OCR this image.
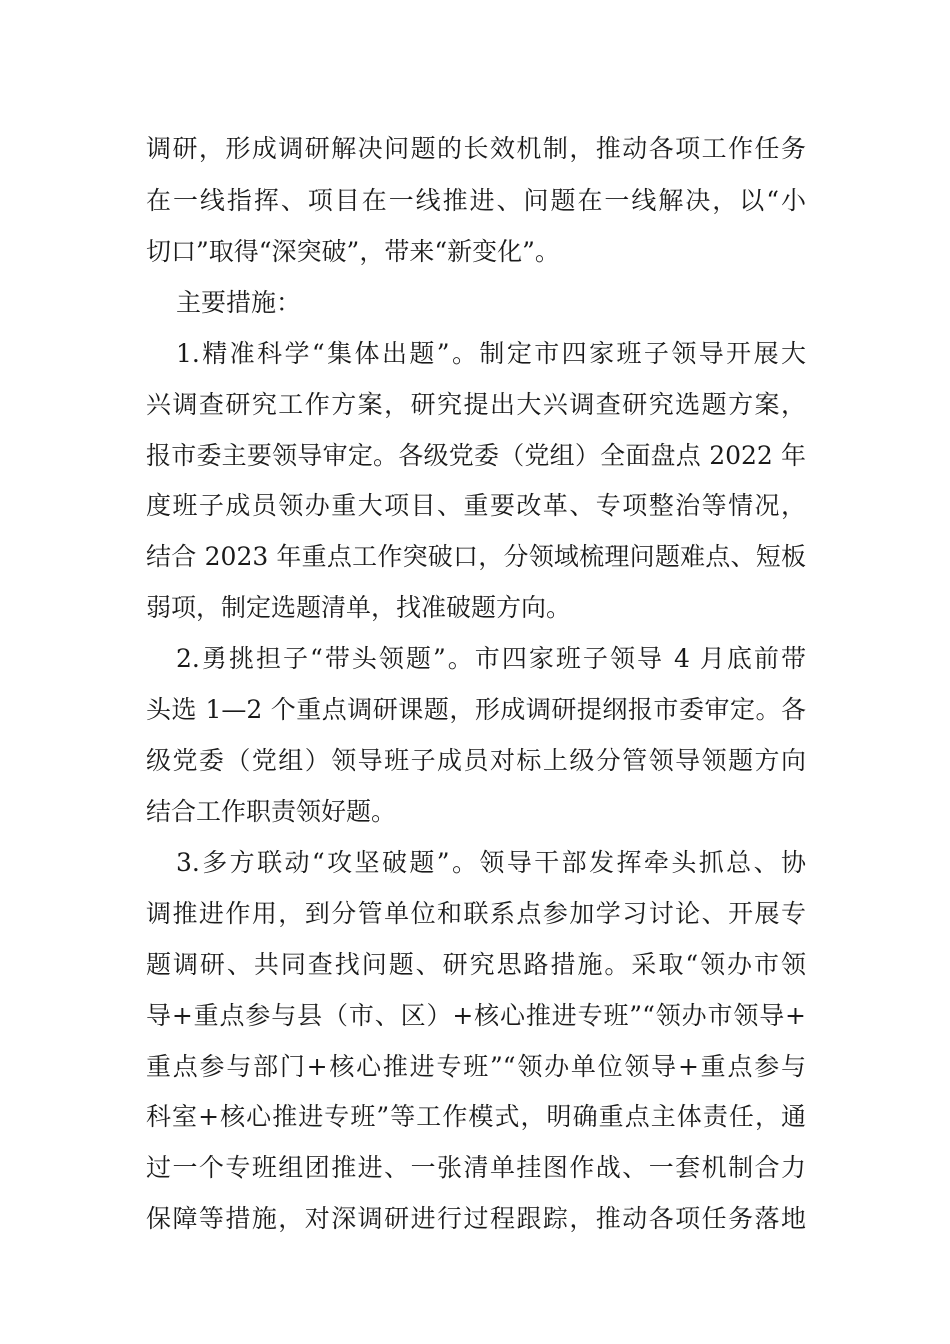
调研，形成调研解决问题的长效机制，推动各项工作任务
在一线指挥、项目在一线推进、问题在一线解决，以“小
切口”取得“深突破”，带来“新变化”。
主要措施：
1.精准科学“集体出题”。制定市四家班子领导开展大
兴调查研究工作方案，研究提出大兴调查研究选题方案，
报市委主要领导审定。各级党委（党组）全面盘点 2022 年
度班子成员领办重大项目、重要改革、专项整治等情况，
结合 2023 年重点工作突破口，分领域梳理问题难点、短板
弱项，制定选题清单，找准破题方向。
2.勇挑担子“带头领题”。市四家班子领导 4 月底前带
头选 1—2 个重点调研课题，形成调研提纲报市委审定。各
级党委（党组）领导班子成员对标上级分管领导领题方向
结合工作职责领好题。
3.多方联动“攻坚破题”。领导干部发挥牵头抓总、协
调推进作用，到分管单位和联系点参加学习讨论、开展专
题调研、共同查找问题、研究思路措施。采取“领办市领
导+重点参与县（市、区）+核心推进专班”“领办市领导+
重点参与部门+核心推进专班”“领办单位领导+重点参与
科室+核心推进专班”等工作模式，明确重点主体责任，通
过一个专班组团推进、一张清单挂图作战、一套机制合力
保障等措施，对深调研进行过程跟踪，推动各项任务落地
